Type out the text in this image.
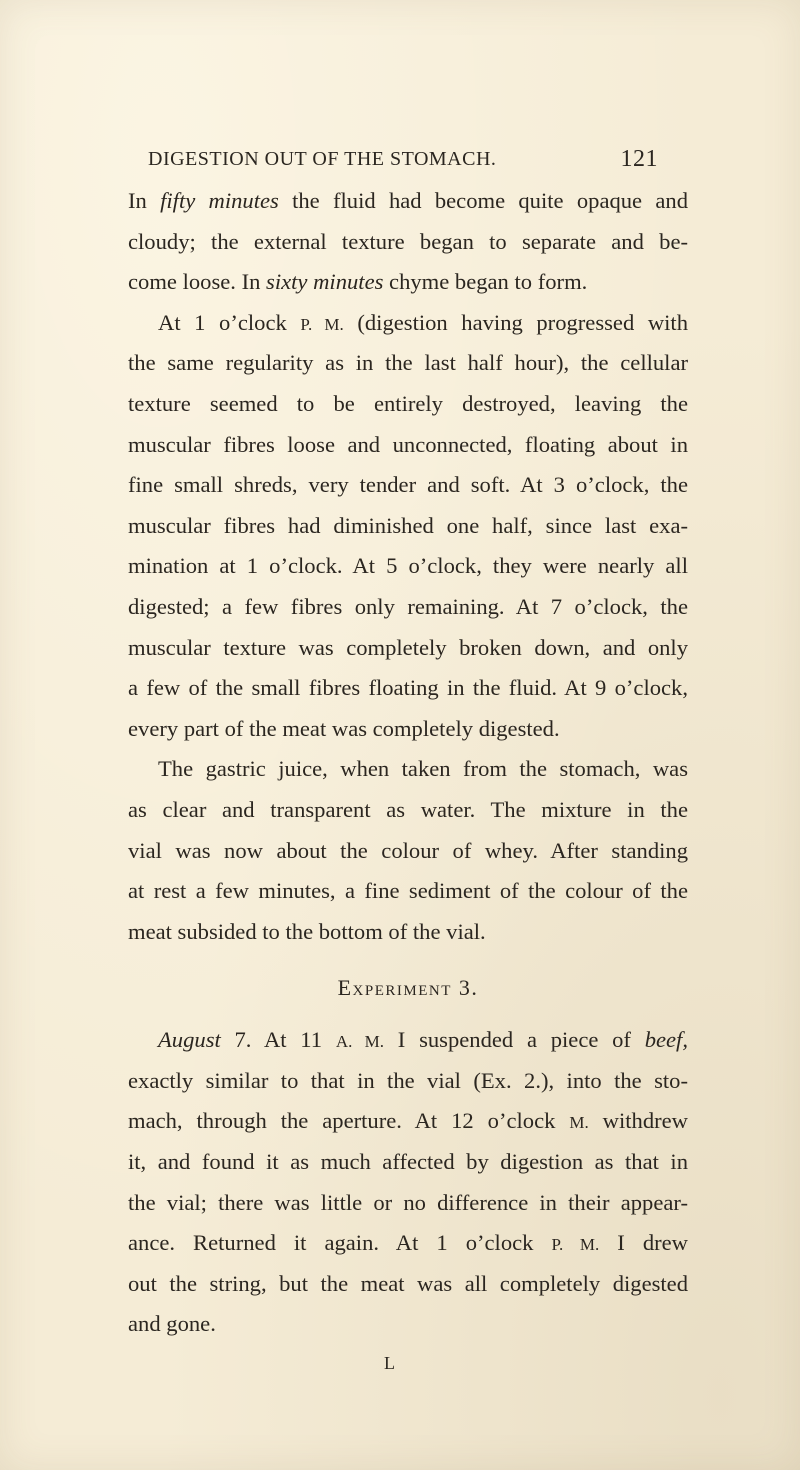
DIGESTION OUT OF THE STOMACH.	121
In fifty minutes the fluid had become quite opaque and
cloudy; the external texture began to separate and be-
come loose. In sixty minutes chyme began to form.
At 1 o’clock P. M. (digestion having progressed with
the same regularity as in the last half hour), the cellular
texture seemed to be entirely destroyed, leaving the
muscular fibres loose and unconnected, floating about in
fine small shreds, very tender and soft. At 3 o’clock, the
muscular fibres had diminished one half, since last exa-
mination at 1 o’clock. At 5 o’clock, they were nearly all
digested; a few fibres only remaining. At 7 o’clock, the
muscular texture was completely broken down, and only
a few of the small fibres floating in the fluid. At 9 o’clock,
every part of the meat was completely digested.
The gastric juice, when taken from the stomach, was
as clear and transparent as water. The mixture in the
vial was now about the colour of whey. After standing
at rest a few minutes, a fine sediment of the colour of the
meat subsided to the bottom of the vial.
Experiment 3.
August 7. At 11 A. M. I suspended a piece of beef,
exactly similar to that in the vial (Ex. 2.), into the sto-
mach, through the aperture. At 12 o’clock M. withdrew
it, and found it as much affected by digestion as that in
the vial; there was little or no difference in their appear-
ance. Returned it again. At 1 o’clock P. M. I drew
out the string, but the meat was all completely digested
and gone.
L
